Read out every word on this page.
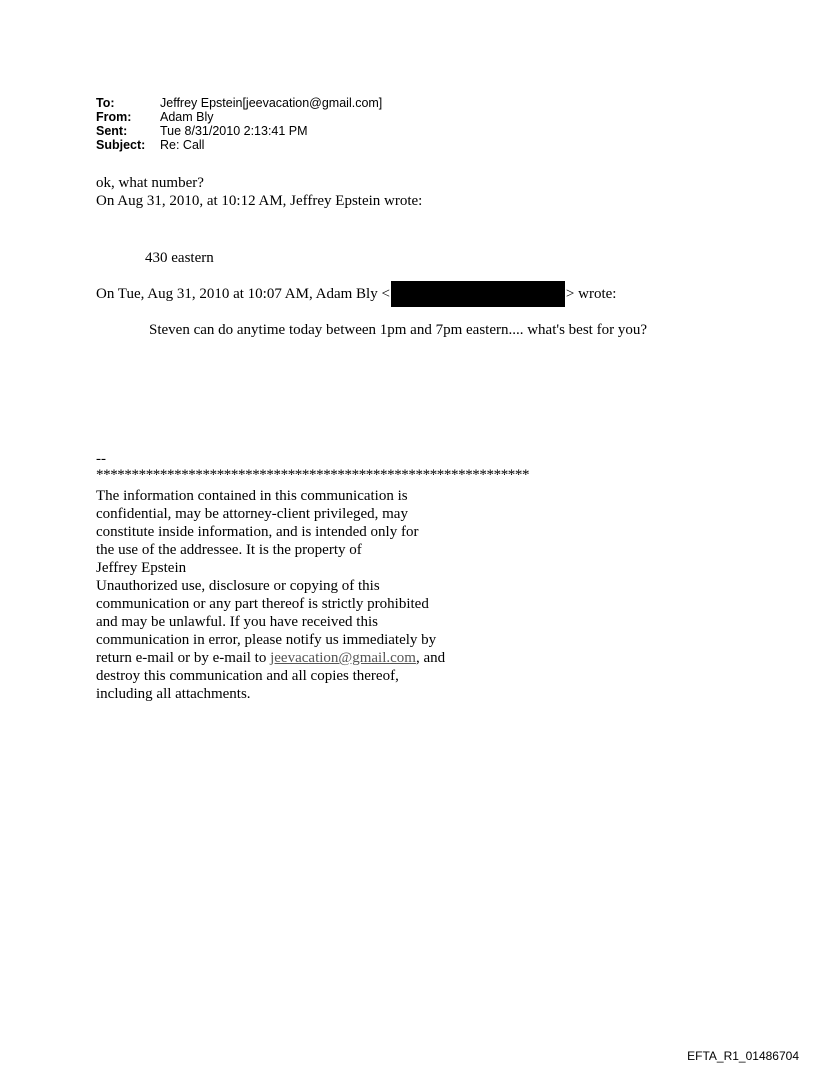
To:	Jeffrey Epstein[jeevacation@gmail.com]
From:	Adam Bly
Sent:	Tue 8/31/2010 2:13:41 PM
Subject:	Re: Call
ok, what number?
On Aug 31, 2010, at 10:12 AM, Jeffrey Epstein wrote:
430 eastern
On Tue, Aug 31, 2010 at 10:07 AM, Adam Bly <	> wrote:
Steven can do anytime today between 1pm and 7pm eastern.... what's best for you?
--
*************************************************************
The information contained in this communication is
confidential, may be attorney-client privileged, may
constitute inside information, and is intended only for
the use of the addressee. It is the property of
Jeffrey Epstein
Unauthorized use, disclosure or copying of this
communication or any part thereof is strictly prohibited
and may be unlawful. If you have received this
communication in error, please notify us immediately by
return e-mail or by e-mail to jeevacation@gmail.com, and
destroy this communication and all copies thereof,
including all attachments.
EFTA_R1_01486704
